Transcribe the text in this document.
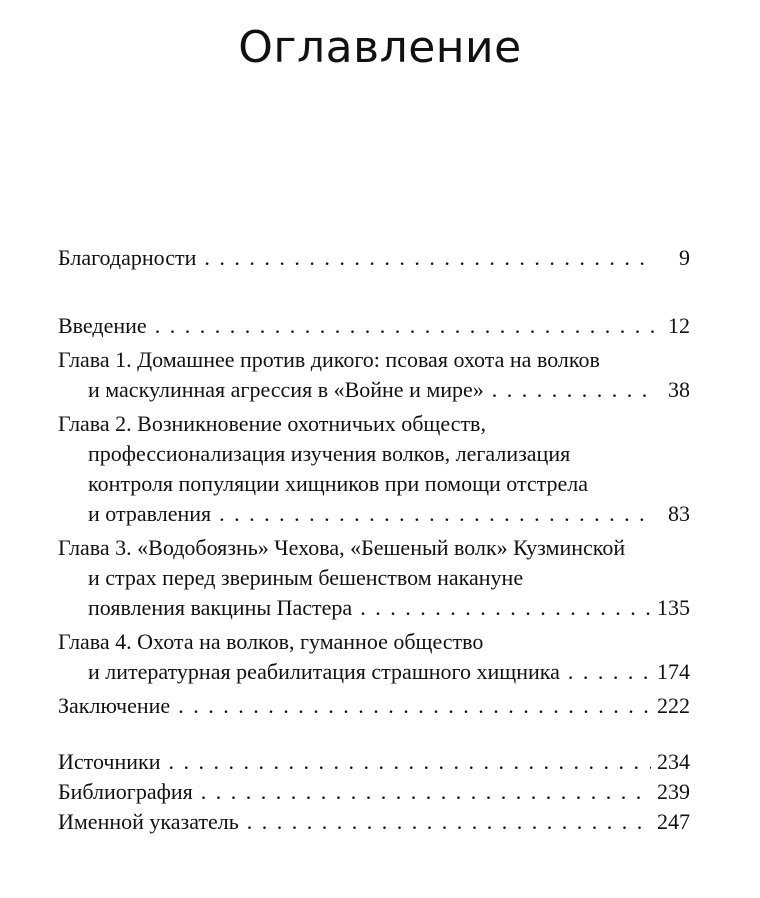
Оглавление
Благодарности . . .	9
Введение . . .	12
Глава 1. Домашнее против дикого: псовая охота на волков
и маскулинная агрессия в «Войне и мире» . . .	38
Глава 2. Возникновение охотничьих обществ,
профессионализация изучения волков, легализация
контроля популяции хищников при помощи отстрела
и отравления . . .	83
Глава 3. «Водобоязнь» Чехова, «Бешеный волк» Кузминской
и страх перед звериным бешенством накануне
появления вакцины Пастера . . .	135
Глава 4. Охота на волков, гуманное общество
и литературная реабилитация страшного хищника . . .	174
Заключение . . .	222
Источники . . .	234
Библиография . . .	239
Именной указатель . . .	247
